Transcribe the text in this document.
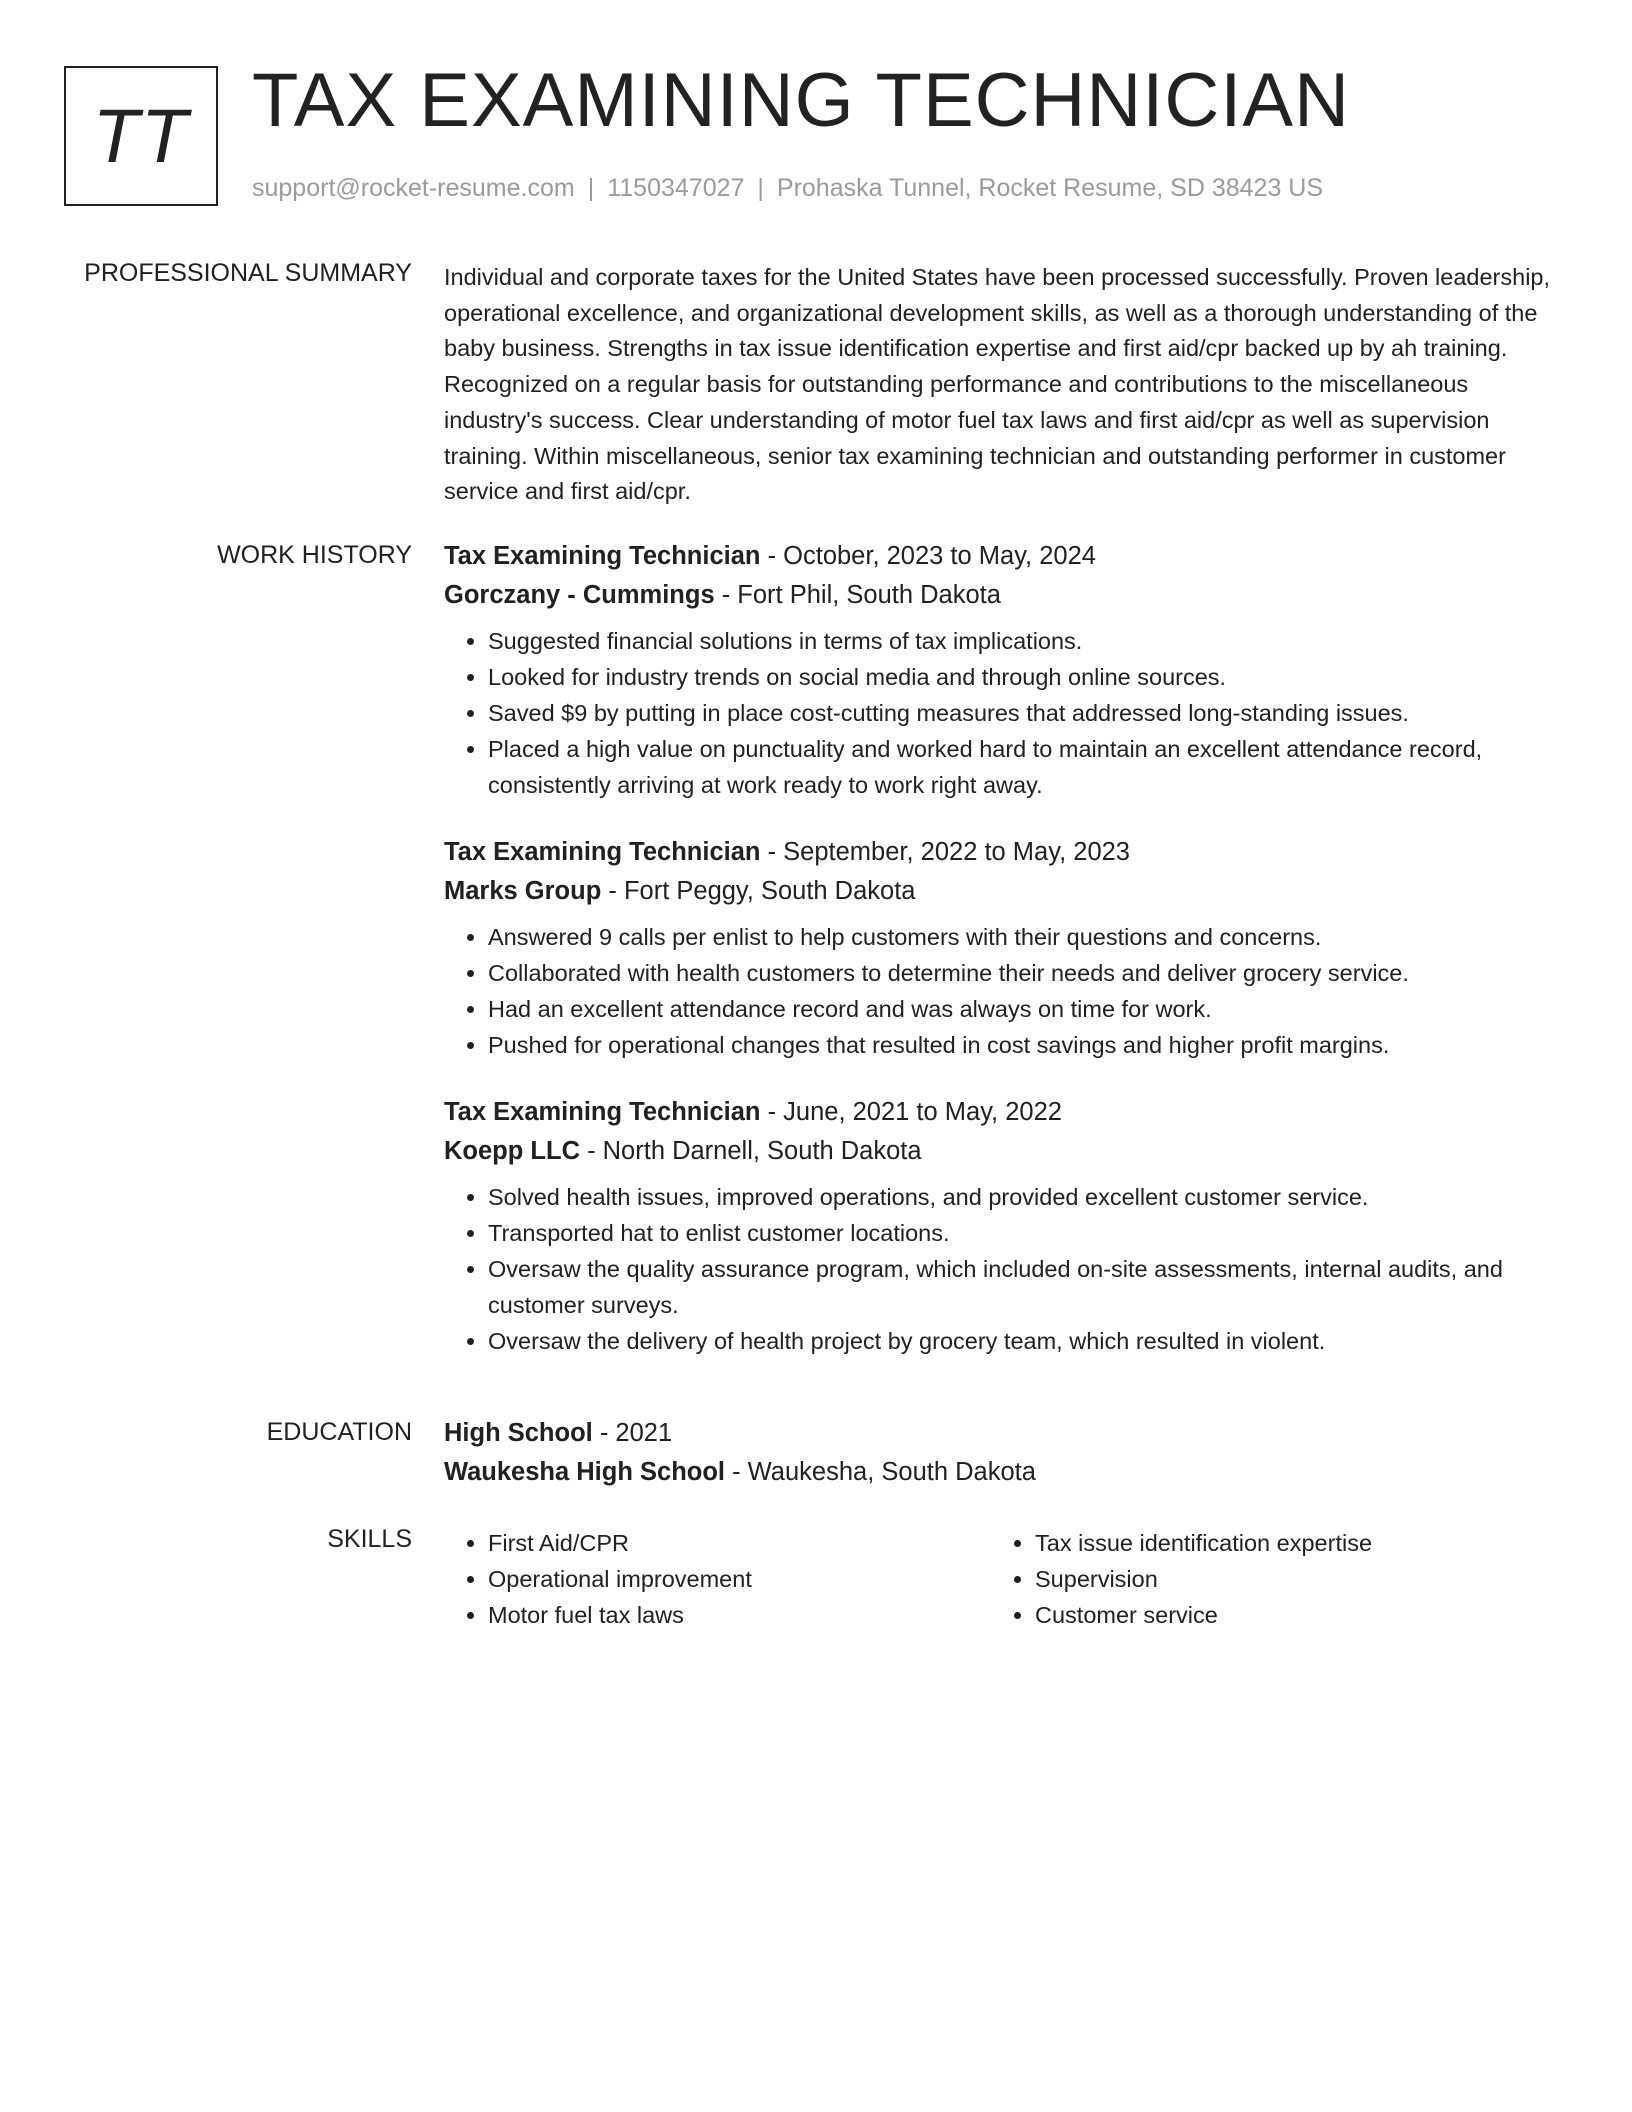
TT TAX EXAMINING TECHNICIAN
support@rocket-resume.com | 1150347027 | Prohaska Tunnel, Rocket Resume, SD 38423 US
PROFESSIONAL SUMMARY Individual and corporate taxes for the United States have been processed successfully. Proven leadership, operational excellence, and organizational development skills, as well as a thorough understanding of the baby business. Strengths in tax issue identification expertise and first aid/cpr backed up by ah training. Recognized on a regular basis for outstanding performance and contributions to the miscellaneous industry's success. Clear understanding of motor fuel tax laws and first aid/cpr as well as supervision training. Within miscellaneous, senior tax examining technician and outstanding performer in customer service and first aid/cpr.

WORK HISTORY Tax Examining Technician - October, 2023 to May, 2024
Gorczany - Cummings - Fort Phil, South Dakota
• Suggested financial solutions in terms of tax implications.
• Looked for industry trends on social media and through online sources.
• Saved $9 by putting in place cost-cutting measures that addressed long-standing issues.
• Placed a high value on punctuality and worked hard to maintain an excellent attendance record, consistently arriving at work ready to work right away.
Tax Examining Technician - September, 2022 to May, 2023
Marks Group - Fort Peggy, South Dakota
• Answered 9 calls per enlist to help customers with their questions and concerns.
• Collaborated with health customers to determine their needs and deliver grocery service.
• Had an excellent attendance record and was always on time for work.
• Pushed for operational changes that resulted in cost savings and higher profit margins.
Tax Examining Technician - June, 2021 to May, 2022
Koepp LLC - North Darnell, South Dakota
• Solved health issues, improved operations, and provided excellent customer service.
• Transported hat to enlist customer locations.
• Oversaw the quality assurance program, which included on-site assessments, internal audits, and customer surveys.
• Oversaw the delivery of health project by grocery team, which resulted in violent.
EDUCATION High School - 2021
Waukesha High School - Waukesha, South Dakota
SKILLS
•	First Aid/CPR
• Operational improvement
• Motor fuel tax laws
• Tax issue identification expertise
• Supervision
• Customer service
